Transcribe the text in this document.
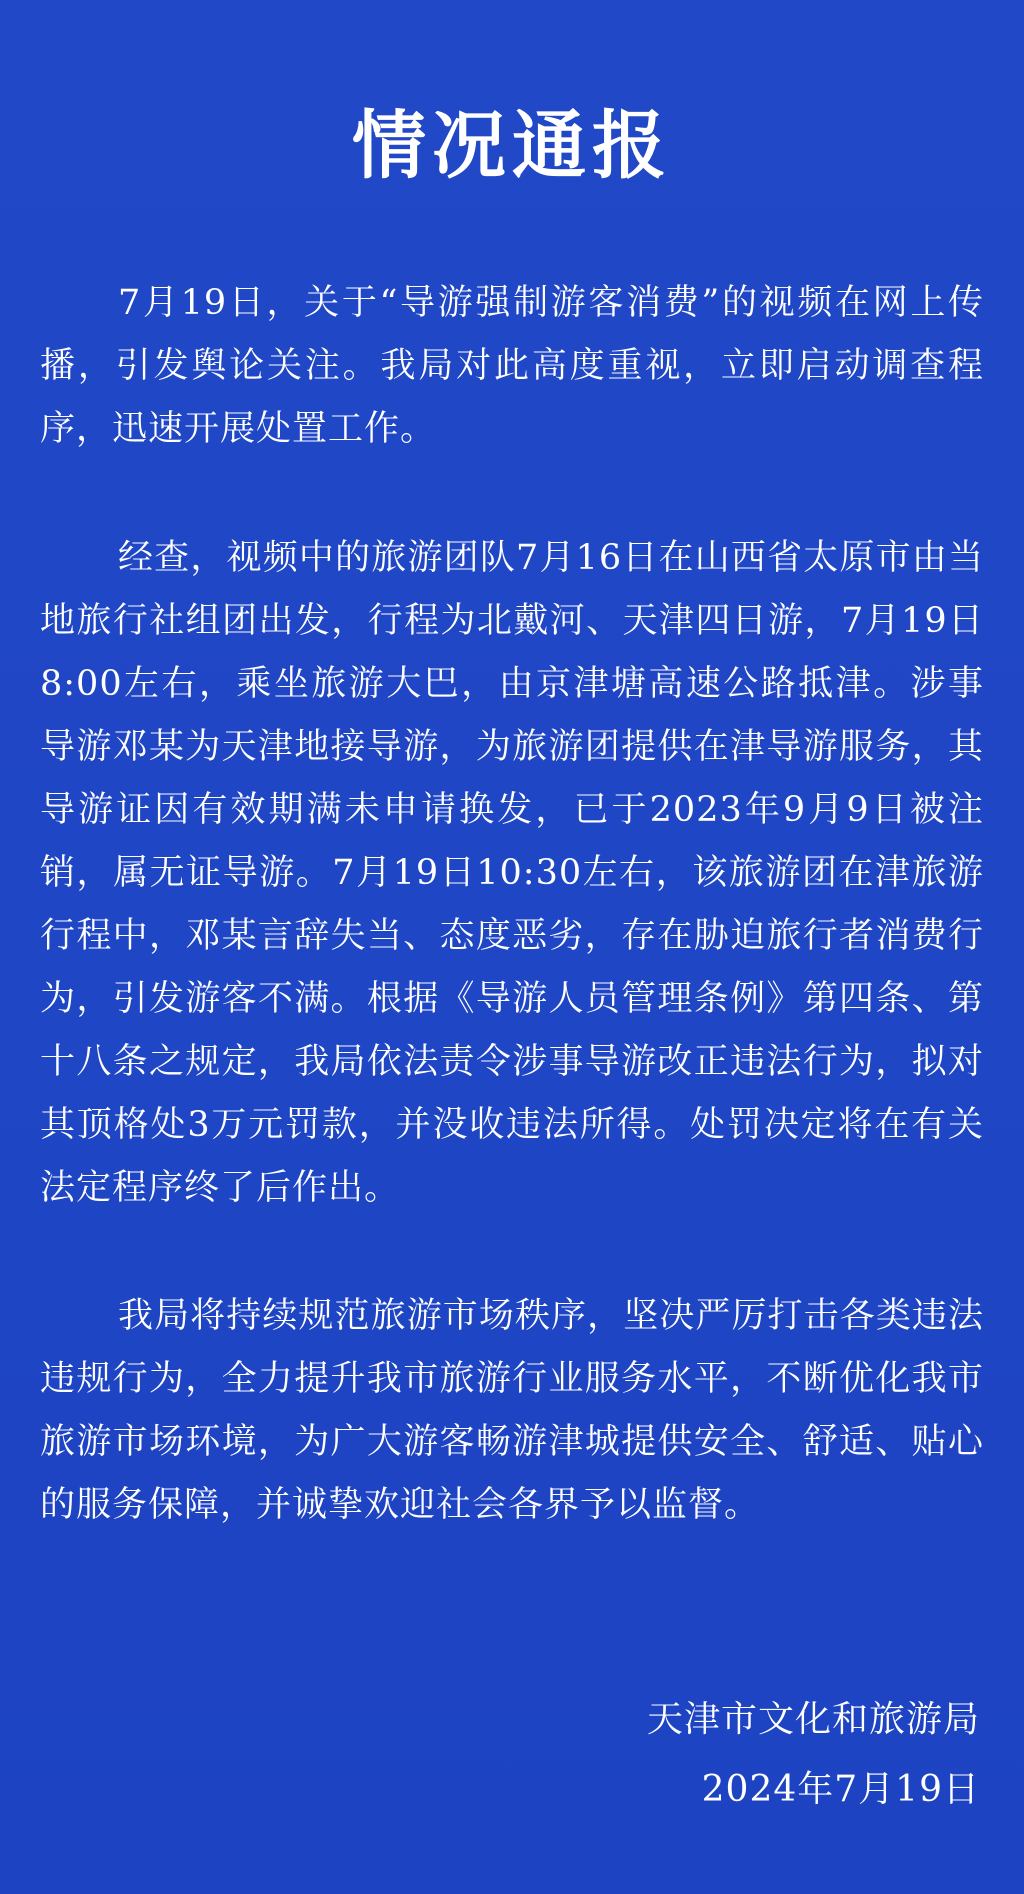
情况通报

7月19日，关于“导游强制游客消费”的视频在网上传播，引发舆论关注。我局对此高度重视，立即启动调查程序，迅速开展处置工作。

经查，视频中的旅游团队7月16日在山西省太原市由当地旅行社组团出发，行程为北戴河、天津四日游，7月19日8:00左右，乘坐旅游大巴，由京津塘高速公路抵津。涉事导游邓某为天津地接导游，为旅游团提供在津导游服务，其导游证因有效期满未申请换发，已于2023年9月9日被注销，属无证导游。7月19日10:30左右，该旅游团在津旅游行程中，邓某言辞失当、态度恶劣，存在胁迫旅行者消费行为，引发游客不满。根据《导游人员管理条例》第四条、第十八条之规定，我局依法责令涉事导游改正违法行为，拟对其顶格处3万元罚款，并没收违法所得。处罚决定将在有关法定程序终了后作出。

我局将持续规范旅游市场秩序，坚决严厉打击各类违法违规行为，全力提升我市旅游行业服务水平，不断优化我市旅游市场环境，为广大游客畅游津城提供安全、舒适、贴心的服务保障，并诚挚欢迎社会各界予以监督。

天津市文化和旅游局
2024年7月19日
